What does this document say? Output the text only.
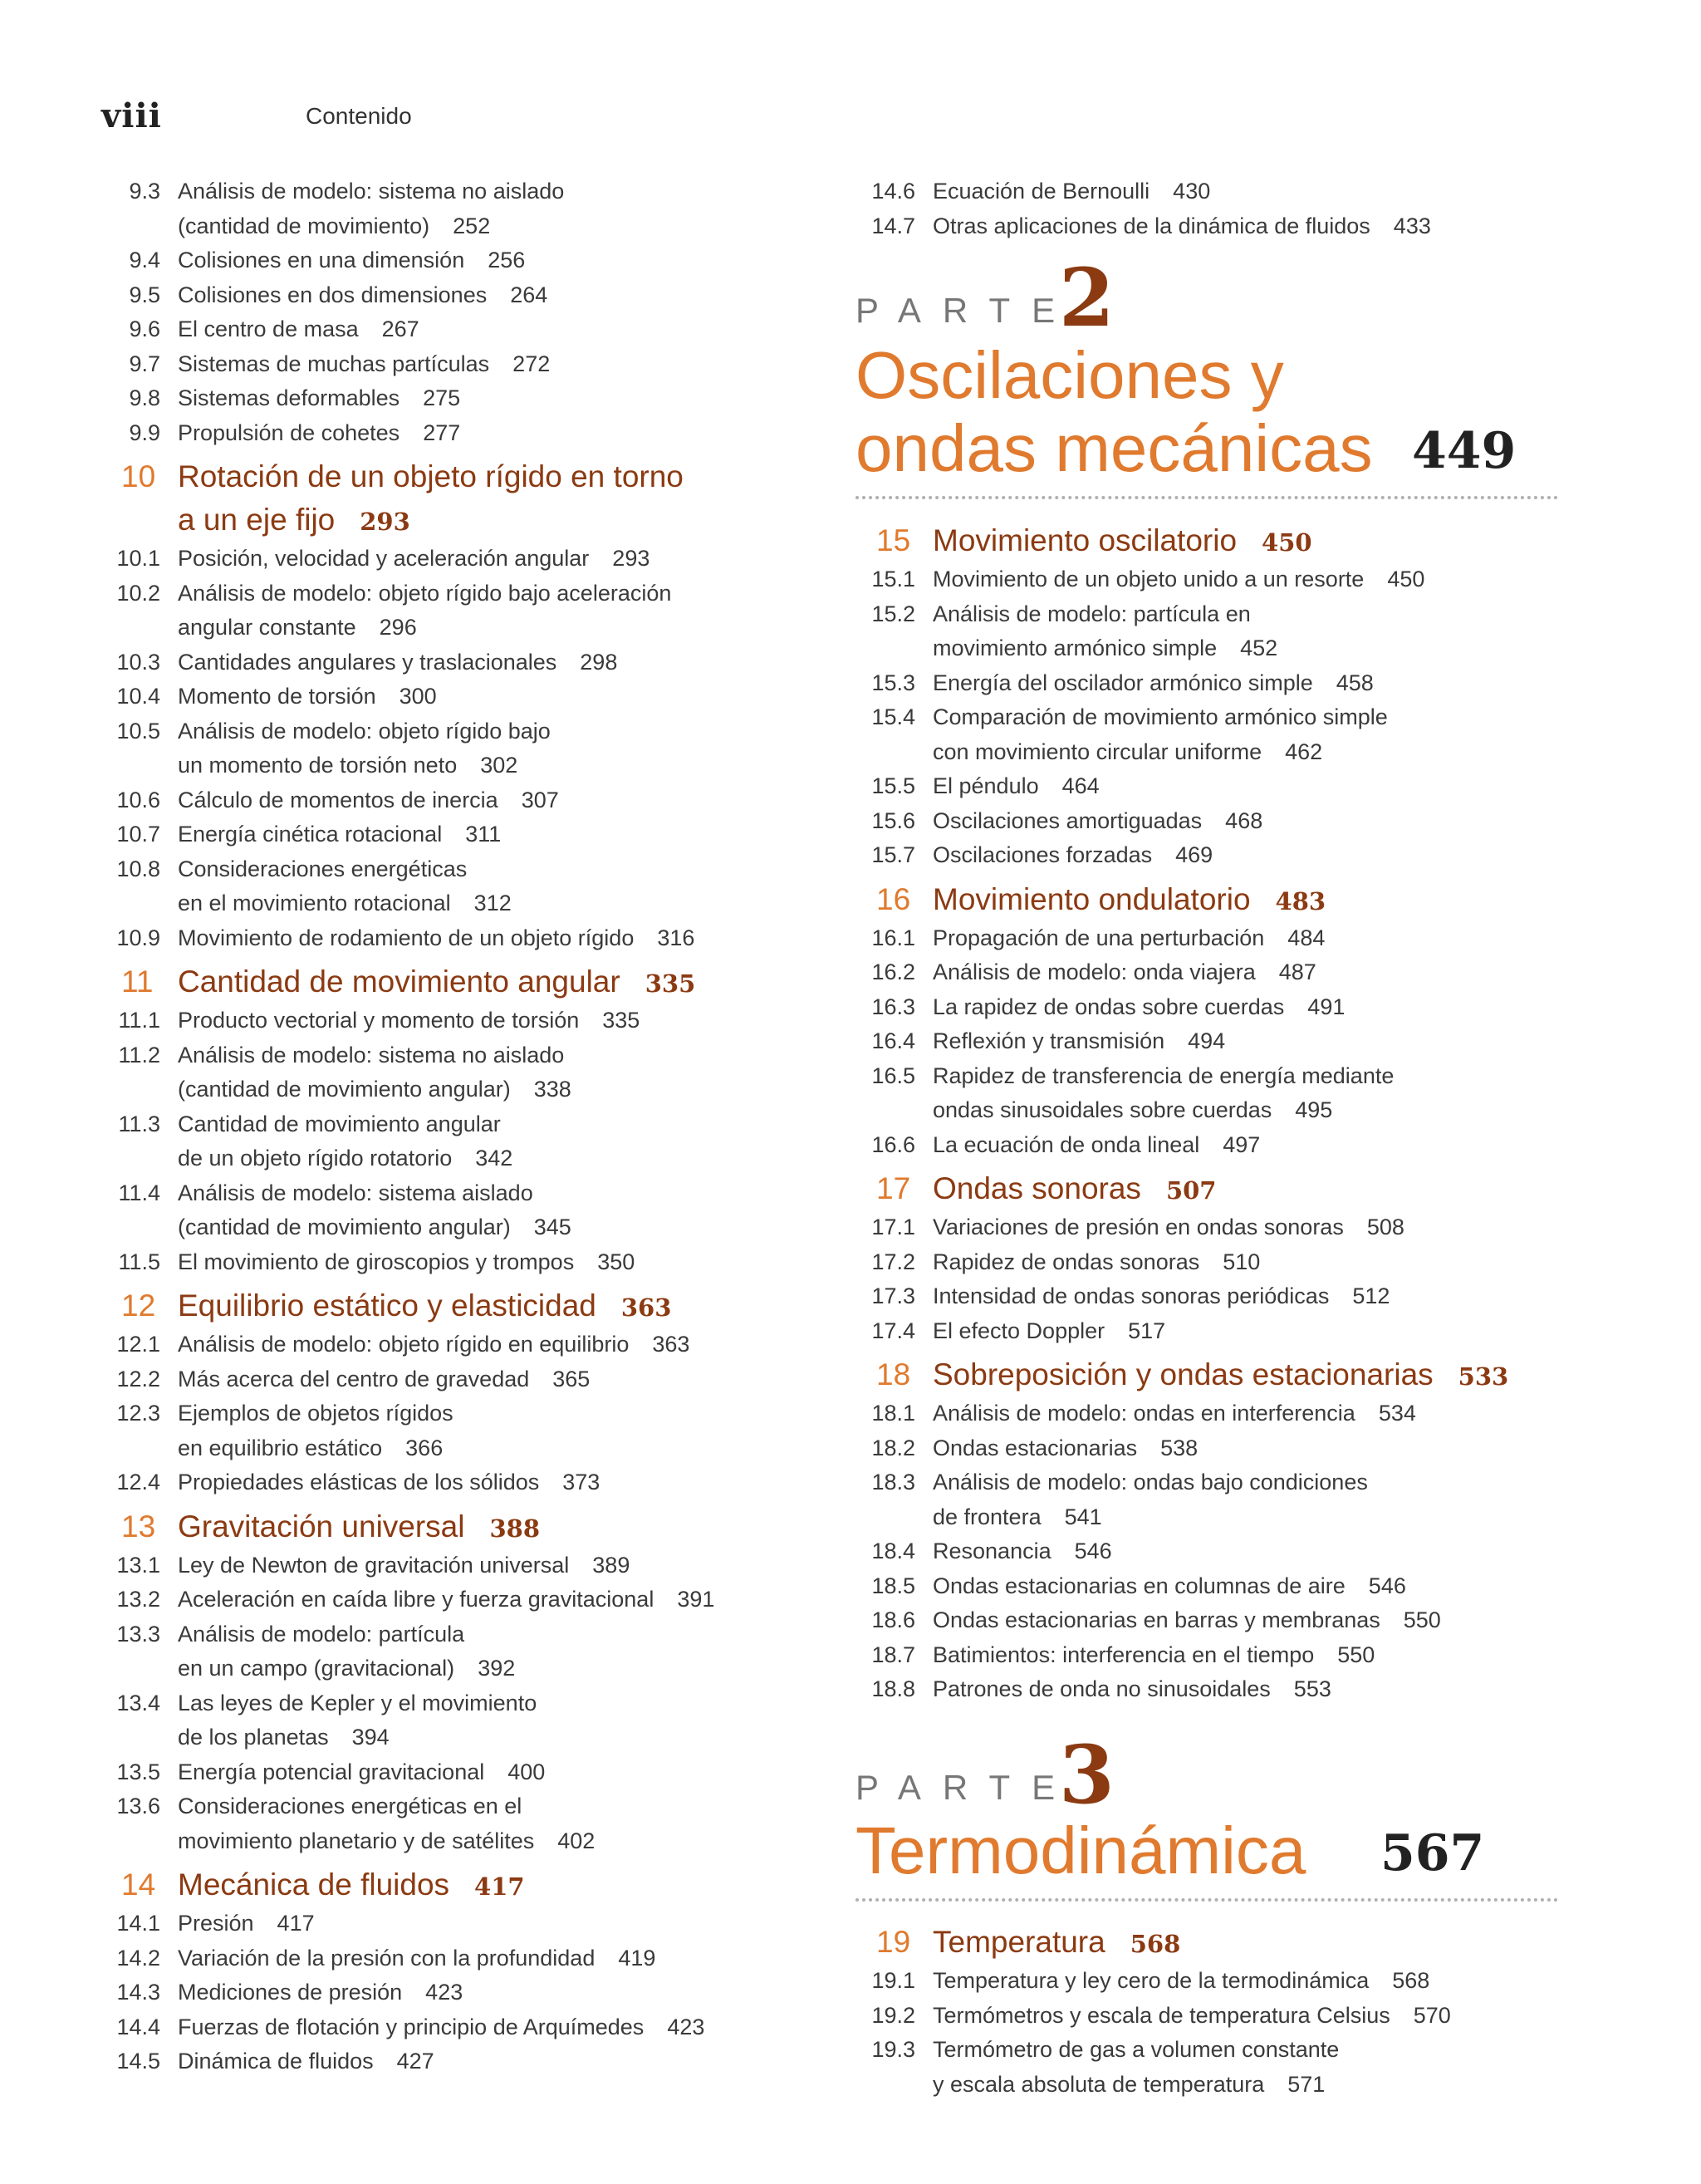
viii	Contenido
9.3 Análisis de modelo: sistema no aislado
(cantidad de movimiento) 252
9.4 Colisiones en una dimensión 256
9.5 Colisiones en dos dimensiones 264
9.6 El centro de masa 267
9.7 Sistemas de muchas partículas 272
9.8 Sistemas deformables 275
9.9 Propulsión de cohetes 277
10 Rotación de un objeto rígido en torno
a un eje fijo 293
10.1 Posición, velocidad y aceleración angular 293
10.2 Análisis de modelo: objeto rígido bajo aceleración
angular constante 296
10.3 Cantidades angulares y traslacionales 298
10.4 Momento de torsión 300
10.5 Análisis de modelo: objeto rígido bajo
un momento de torsión neto 302
10.6 Cálculo de momentos de inercia 307
10.7 Energía cinética rotacional 311
10.8 Consideraciones energéticas
en el movimiento rotacional 312
10.9 Movimiento de rodamiento de un objeto rígido 316
11 Cantidad de movimiento angular 335
11.1 Producto vectorial y momento de torsión 335
11.2 Análisis de modelo: sistema no aislado
(cantidad de movimiento angular) 338
11.3 Cantidad de movimiento angular
de un objeto rígido rotatorio 342
11.4 Análisis de modelo: sistema aislado
(cantidad de movimiento angular) 345
11.5 El movimiento de giroscopios y trompos 350
12 Equilibrio estático y elasticidad 363
12.1 Análisis de modelo: objeto rígido en equilibrio 363
12.2 Más acerca del centro de gravedad 365
12.3 Ejemplos de objetos rígidos
en equilibrio estático 366
12.4 Propiedades elásticas de los sólidos 373
13 Gravitación universal 388
13.1 Ley de Newton de gravitación universal 389
13.2 Aceleración en caída libre y fuerza gravitacional 391
13.3 Análisis de modelo: partícula
en un campo (gravitacional) 392
13.4 Las leyes de Kepler y el movimiento
de los planetas 394
13.5 Energía potencial gravitacional 400
13.6 Consideraciones energéticas en el
movimiento planetario y de satélites 402
14 Mecánica de fluidos 417
14.1 Presión 417
14.2 Variación de la presión con la profundidad 419
14.3 Mediciones de presión 423
14.4 Fuerzas de flotación y principio de Arquímedes 423
14.5 Dinámica de fluidos 427
14.6 Ecuación de Bernoulli 430
14.7 Otras aplicaciones de la dinámica de fluidos 433
PARTE
2
Oscilaciones y
ondas mecánicas 449
15 Movimiento oscilatorio 450
15.1 Movimiento de un objeto unido a un resorte 450
15.2 Análisis de modelo: partícula en
movimiento armónico simple 452
15.3 Energía del oscilador armónico simple 458
15.4 Comparación de movimiento armónico simple
con movimiento circular uniforme 462
15.5 El péndulo 464
15.6 Oscilaciones amortiguadas 468
15.7 Oscilaciones forzadas 469
16 Movimiento ondulatorio 483
16.1 Propagación de una perturbación 484
16.2 Análisis de modelo: onda viajera 487
16.3 La rapidez de ondas sobre cuerdas 491
16.4 Reflexión y transmisión 494
16.5 Rapidez de transferencia de energía mediante
ondas sinusoidales sobre cuerdas 495
16.6 La ecuación de onda lineal 497
17 Ondas sonoras 507
17.1 Variaciones de presión en ondas sonoras 508
17.2 Rapidez de ondas sonoras 510
17.3 Intensidad de ondas sonoras periódicas 512
17.4 El efecto Doppler 517
18 Sobreposición y ondas estacionarias 533
18.1 Análisis de modelo: ondas en interferencia 534
18.2 Ondas estacionarias 538
18.3 Análisis de modelo: ondas bajo condiciones
de frontera 541
18.4 Resonancia 546
18.5 Ondas estacionarias en columnas de aire 546
18.6 Ondas estacionarias en barras y membranas 550
18.7 Batimientos: interferencia en el tiempo 550
18.8 Patrones de onda no sinusoidales 553
PARTE
3
Termodinámica 567
19 Temperatura 568
19.1 Temperatura y ley cero de la termodinámica 568
19.2 Termómetros y escala de temperatura Celsius 570
19.3 Termómetro de gas a volumen constante
y escala absoluta de temperatura 571
